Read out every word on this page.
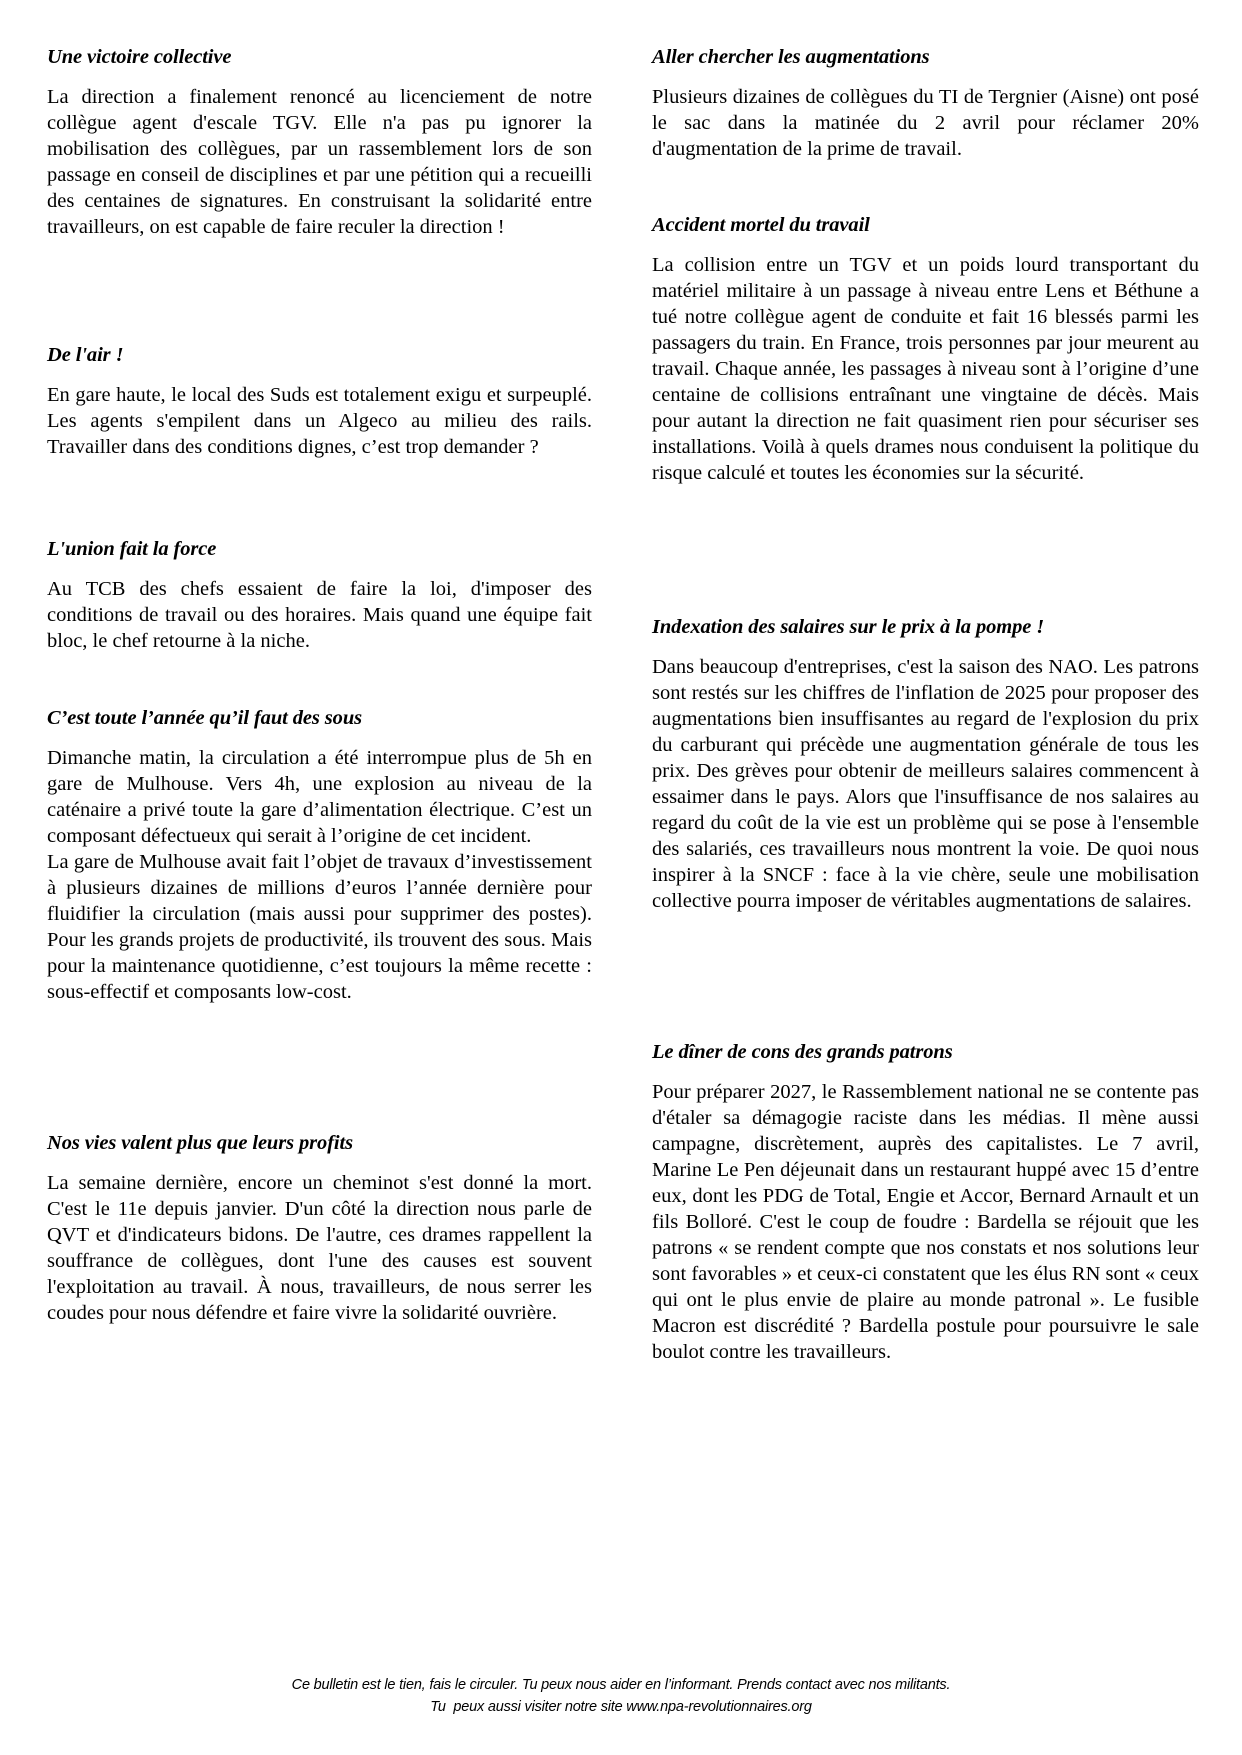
Une victoire collective

La direction a finalement renoncé au licenciement de notre collègue agent d'escale TGV. Elle n'a pas pu ignorer la mobilisation des collègues, par un rassemblement lors de son passage en conseil de disciplines et par une pétition qui a recueilli des centaines de signatures. En construisant la solidarité entre travailleurs, on est capable de faire reculer la direction !

De l'air !

En gare haute, le local des Suds est totalement exigu et surpeuplé. Les agents s'empilent dans un Algeco au milieu des rails. Travailler dans des conditions dignes, c’est trop demander ?

L'union fait la force

Au TCB des chefs essaient de faire la loi, d'imposer des conditions de travail ou des horaires. Mais quand une équipe fait bloc, le chef retourne à la niche.

C’est toute l’année qu’il faut des sous

Dimanche matin, la circulation a été interrompue plus de 5h en gare de Mulhouse. Vers 4h, une explosion au niveau de la caténaire a privé toute la gare d’alimentation électrique. C’est un composant défectueux qui serait à l’origine de cet incident.

La gare de Mulhouse avait fait l’objet de travaux d’investissement à plusieurs dizaines de millions d’euros l’année dernière pour fluidifier la circulation (mais aussi pour supprimer des postes). Pour les grands projets de productivité, ils trouvent des sous. Mais pour la maintenance quotidienne, c’est toujours la même recette : sous-effectif et composants low-cost.

Nos vies valent plus que leurs profits

La semaine dernière, encore un cheminot s'est donné la mort. C'est le 11e depuis janvier. D'un côté la direction nous parle de QVT et d'indicateurs bidons. De l'autre, ces drames rappellent la souffrance de collègues, dont l'une des causes est souvent l'exploitation au travail. À nous, travailleurs, de nous serrer les coudes pour nous défendre et faire vivre la solidarité ouvrière.

Aller chercher les augmentations

Plusieurs dizaines de collègues du TI de Tergnier (Aisne) ont posé le sac dans la matinée du 2 avril pour réclamer 20% d'augmentation de la prime de travail.

Accident mortel du travail

La collision entre un TGV et un poids lourd transportant du matériel militaire à un passage à niveau entre Lens et Béthune a tué notre collègue agent de conduite et fait 16 blessés parmi les passagers du train. En France, trois personnes par jour meurent au travail. Chaque année, les passages à niveau sont à l’origine d’une centaine de collisions entraînant une vingtaine de décès. Mais pour autant la direction ne fait quasiment rien pour sécuriser ses installations. Voilà à quels drames nous conduisent la politique du risque calculé et toutes les économies sur la sécurité.

Indexation des salaires sur le prix à la pompe !

Dans beaucoup d'entreprises, c'est la saison des NAO. Les patrons sont restés sur les chiffres de l'inflation de 2025 pour proposer des augmentations bien insuffisantes au regard de l'explosion du prix du carburant qui précède une augmentation générale de tous les prix. Des grèves pour obtenir de meilleurs salaires commencent à essaimer dans le pays. Alors que l'insuffisance de nos salaires au regard du coût de la vie est un problème qui se pose à l'ensemble des salariés, ces travailleurs nous montrent la voie. De quoi nous inspirer à la SNCF : face à la vie chère, seule une mobilisation collective pourra imposer de véritables augmentations de salaires.

Le dîner de cons des grands patrons

Pour préparer 2027, le Rassemblement national ne se contente pas d'étaler sa démagogie raciste dans les médias. Il mène aussi campagne, discrètement, auprès des capitalistes. Le 7 avril, Marine Le Pen déjeunait dans un restaurant huppé avec 15 d’entre eux, dont les PDG de Total, Engie et Accor, Bernard Arnault et un fils Bolloré. C'est le coup de foudre : Bardella se réjouit que les patrons « se rendent compte que nos constats et nos solutions leur sont favorables » et ceux-ci constatent que les élus RN sont « ceux qui ont le plus envie de plaire au monde patronal ». Le fusible Macron est discrédité ? Bardella postule pour poursuivre le sale boulot contre les travailleurs.

Ce bulletin est le tien, fais le circuler. Tu peux nous aider en l’informant. Prends contact avec nos militants.
Tu  peux aussi visiter notre site www.npa-revolutionnaires.org
